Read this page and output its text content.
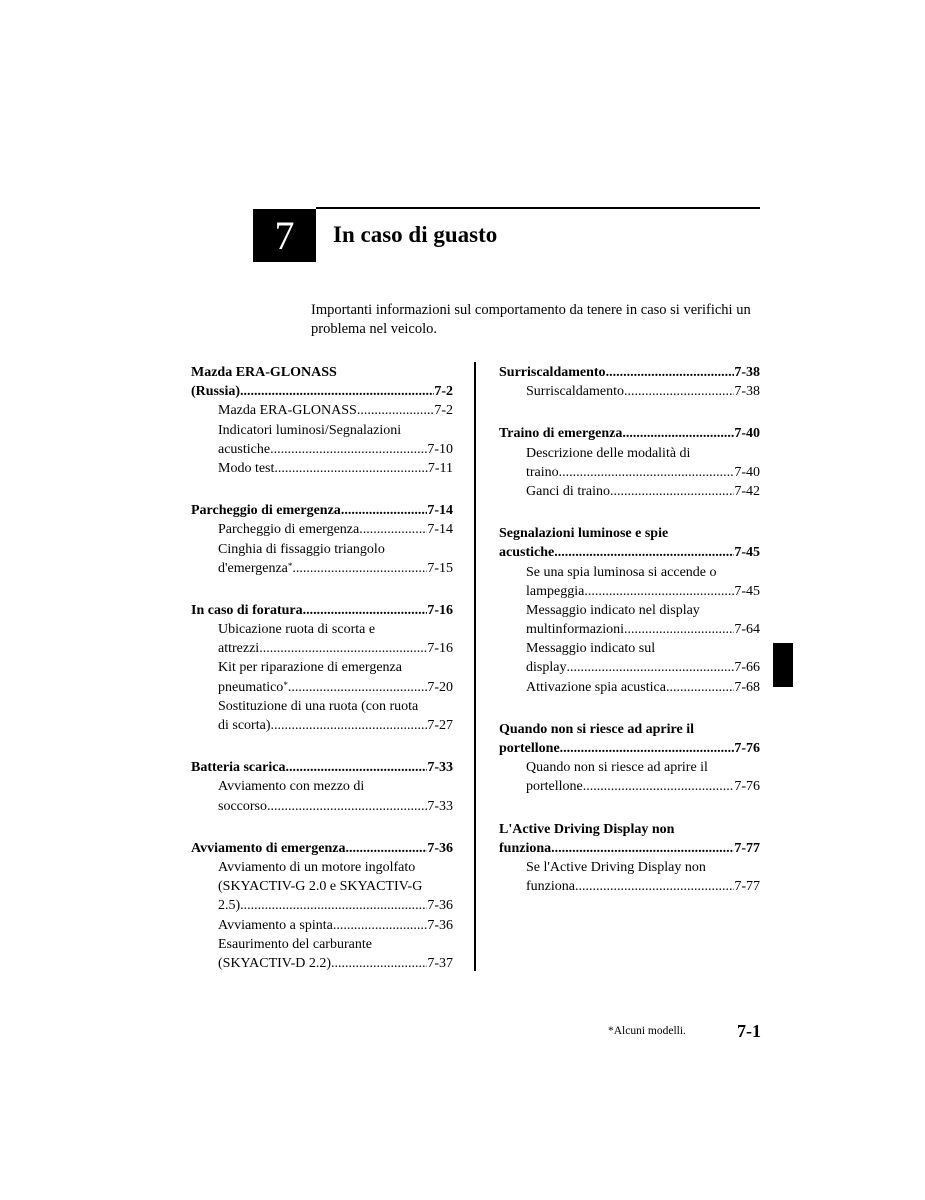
7	In caso di guasto
Importanti informazioni sul comportamento da tenere in caso si verifichi un problema nel veicolo.
Mazda ERA-GLONASS
(Russia) .....	7-2
Mazda ERA-GLONASS .....	7-2
Indicatori luminosi/Segnalazioni
acustiche .....	7-10
Modo test .....	7-11
Parcheggio di emergenza .....	7-14
Parcheggio di emergenza .....	7-14
Cinghia di fissaggio triangolo
d'emergenza* .....	7-15
In caso di foratura .....	7-16
Ubicazione ruota di scorta e
attrezzi .....	7-16
Kit per riparazione di emergenza
pneumatico* .....	7-20
Sostituzione di una ruota (con ruota
di scorta) .....	7-27
Batteria scarica .....	7-33
Avviamento con mezzo di
soccorso .....	7-33
Avviamento di emergenza .....	7-36
Avviamento di un motore ingolfato
(SKYACTIV-G 2.0 e SKYACTIV-G
2.5) .....	7-36
Avviamento a spinta .....	7-36
Esaurimento del carburante
(SKYACTIV-D 2.2) .....	7-37
Surriscaldamento .....	7-38
Surriscaldamento .....	7-38
Traino di emergenza .....	7-40
Descrizione delle modalità di
traino .....	7-40
Ganci di traino .....	7-42
Segnalazioni luminose e spie
acustiche .....	7-45
Se una spia luminosa si accende o
lampeggia .....	7-45
Messaggio indicato nel display
multinformazioni .....	7-64
Messaggio indicato sul
display .....	7-66
Attivazione spia acustica .....	7-68
Quando non si riesce ad aprire il
portellone .....	7-76
Quando non si riesce ad aprire il
portellone .....	7-76
L'Active Driving Display non
funziona .....	7-77
Se l'Active Driving Display non
funziona .....	7-77
*Alcuni modelli.	7-1
